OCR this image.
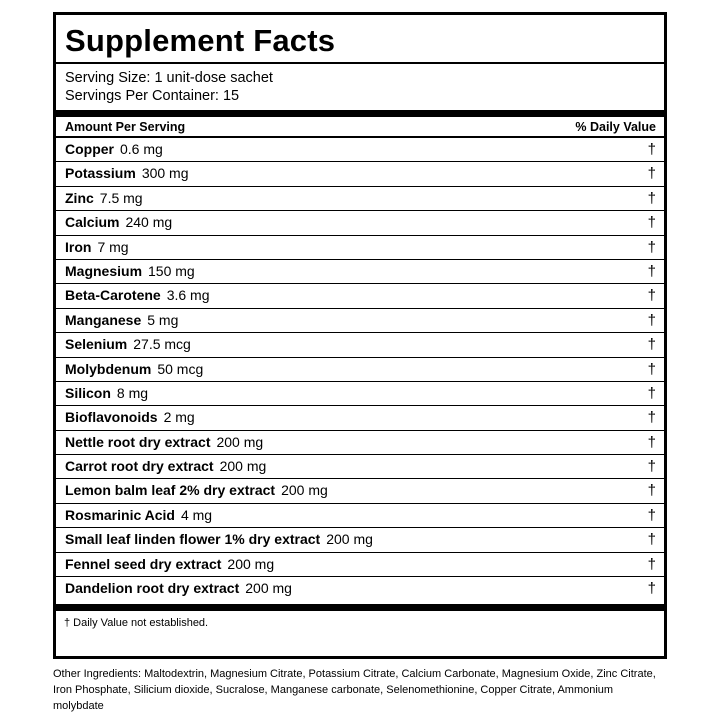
Supplement Facts
Serving Size: 1 unit-dose sachet
Servings Per Container: 15
Amount Per Serving	% Daily Value
Copper 0.6 mg	†
Potassium 300 mg	†
Zinc 7.5 mg	†
Calcium 240 mg	†
Iron 7 mg	†
Magnesium 150 mg	†
Beta-Carotene 3.6 mg	†
Manganese 5 mg	†
Selenium 27.5 mcg	†
Molybdenum 50 mcg	†
Silicon 8 mg	†
Bioflavonoids 2 mg	†
Nettle root dry extract 200 mg	†
Carrot root dry extract 200 mg	†
Lemon balm leaf 2% dry extract 200 mg	†
Rosmarinic Acid 4 mg	†
Small leaf linden flower 1% dry extract 200 mg	†
Fennel seed dry extract 200 mg	†
Dandelion root dry extract 200 mg	†
† Daily Value not established.
Other Ingredients: Maltodextrin, Magnesium Citrate, Potassium Citrate, Calcium Carbonate, Magnesium Oxide, Zinc Citrate, Iron Phosphate, Silicium dioxide, Sucralose, Manganese carbonate, Selenomethionine, Copper Citrate, Ammonium molybdate
